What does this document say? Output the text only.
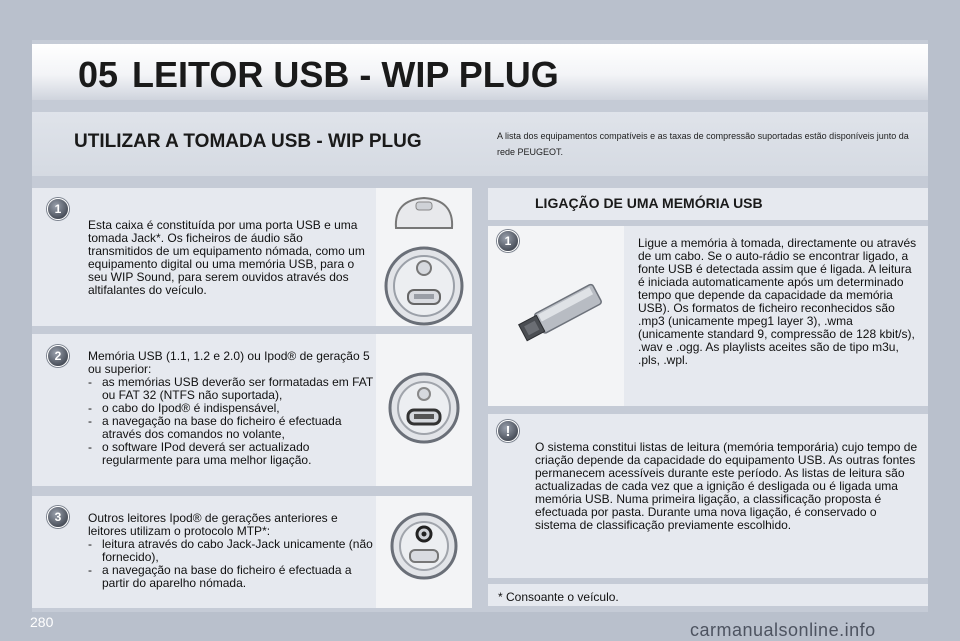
05 LEITOR USB - WIP PLUG
UTILIZAR A TOMADA USB - WIP PLUG	A lista dos equipamentos compatíveis e as taxas de compressão suportadas estão disponíveis junto da rede PEUGEOT.
1
Esta caixa é constituída por uma porta USB e uma tomada Jack*. Os ficheiros de áudio são transmitidos de um equipamento nómada, como um equipamento digital ou uma memória USB, para o seu WIP Sound, para serem ouvidos através dos altifalantes do veículo.
2	Memória USB (1.1, 1.2 e 2.0) ou Ipod® de geração 5 ou superior:
- as memórias USB deverão ser formatadas em FAT ou FAT 32 (NTFS não suportada),
- o cabo do Ipod® é indispensável,
- a navegação na base do ficheiro é efectuada através dos comandos no volante,
- o software IPod deverá ser actualizado regularmente para uma melhor ligação.
3	Outros leitores Ipod® de gerações anteriores e leitores utilizam o protocolo MTP*:
- leitura através do cabo Jack-Jack unicamente (não fornecido),
- a navegação na base do ficheiro é efectuada a partir do aparelho nómada.
LIGAÇÃO DE UMA MEMÓRIA USB
1	Ligue a memória à tomada, directamente ou através de um cabo. Se o auto-rádio se encontrar ligado, a fonte USB é detectada assim que é ligada. A leitura é iniciada automaticamente após um determinado tempo que depende da capacidade da memória USB). Os formatos de ficheiro reconhecidos são .mp3 (unicamente mpeg1 layer 3), .wma (unicamente standard 9, compressão de 128 kbit/s), .wav e .ogg. As playlists aceites são de tipo m3u, .pls, .wpl.
!
O sistema constitui listas de leitura (memória temporária) cujo tempo de criação depende da capacidade do equipamento USB. As outras fontes permanecem acessíveis durante este período. As listas de leitura são actualizadas de cada vez que a ignição é desligada ou é ligada uma memória USB. Numa primeira ligação, a classificação proposta é efectuada por pasta. Durante uma nova ligação, é conservado o sistema de classificação previamente escolhido.
* Consoante o veículo.
280	carmanualsonline.info
